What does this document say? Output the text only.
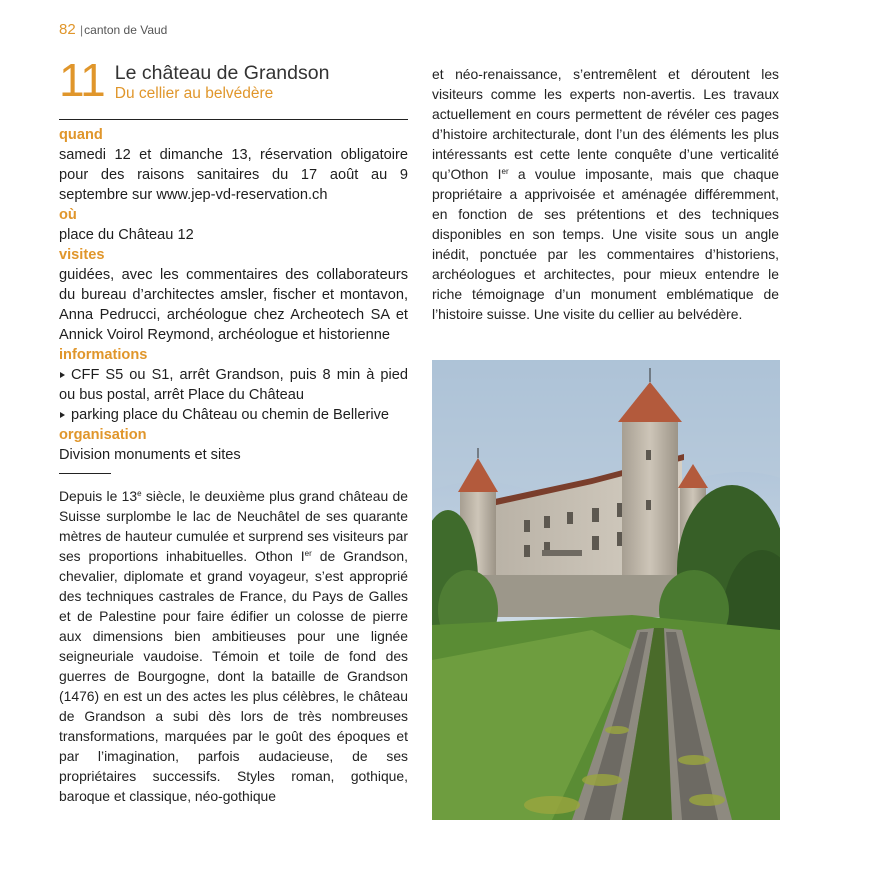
82 |canton de Vaud
11 Le château de Grandson
Du cellier au belvédère
quand
samedi 12 et dimanche 13, réservation obligatoire pour des raisons sanitaires du 17 août au 9 septembre sur www.jep-vd-reservation.ch
où
place du Château 12
visites
guidées, avec les commentaires des collaborateurs du bureau d’architectes amsler, fischer et montavon, Anna Pedrucci, archéologue chez Archeotech SA et Annick Voirol Reymond, archéologue et historienne
informations
CFF S5 ou S1, arrêt Grandson, puis 8 min à pied ou bus postal, arrêt Place du Château
parking place du Château ou chemin de Bellerive
organisation
Division monuments et sites

Depuis le 13e siècle, le deuxième plus grand château de Suisse surplombe le lac de Neuchâtel de ses quarante mètres de hauteur cumulée et surprend ses visiteurs par ses proportions inhabituelles. Othon Ier de Grandson, chevalier, diplomate et grand voyageur, s’est approprié des techniques castrales de France, du Pays de Galles et de Palestine pour faire édifier un colosse de pierre aux dimensions bien ambitieuses pour une lignée seigneuriale vaudoise. Témoin et toile de fond des guerres de Bourgogne, dont la bataille de Grandson (1476) en est un des actes les plus célèbres, le château de Grandson a subi dès lors de très nombreuses transformations, marquées par le goût des époques et par l’imagination, parfois audacieuse, de ses propriétaires successifs. Styles roman, gothique, baroque et classique, néo-gothique

et néo-renaissance, s’entremêlent et déroutent les visiteurs comme les experts non-avertis. Les travaux actuellement en cours permettent de révéler ces pages d’histoire architecturale, dont l’un des éléments les plus intéressants est cette lente conquête d’une verticalité qu’Othon Ier a voulue imposante, mais que chaque propriétaire a apprivoisée et aménagée différemment, en fonction de ses prétentions et des techniques disponibles en son temps. Une visite sous un angle inédit, ponctuée par les commentaires d’historiens, archéologues et architectes, pour mieux entendre le riche témoignage d’un monument emblématique de l’histoire suisse. Une visite du cellier au belvédère.
